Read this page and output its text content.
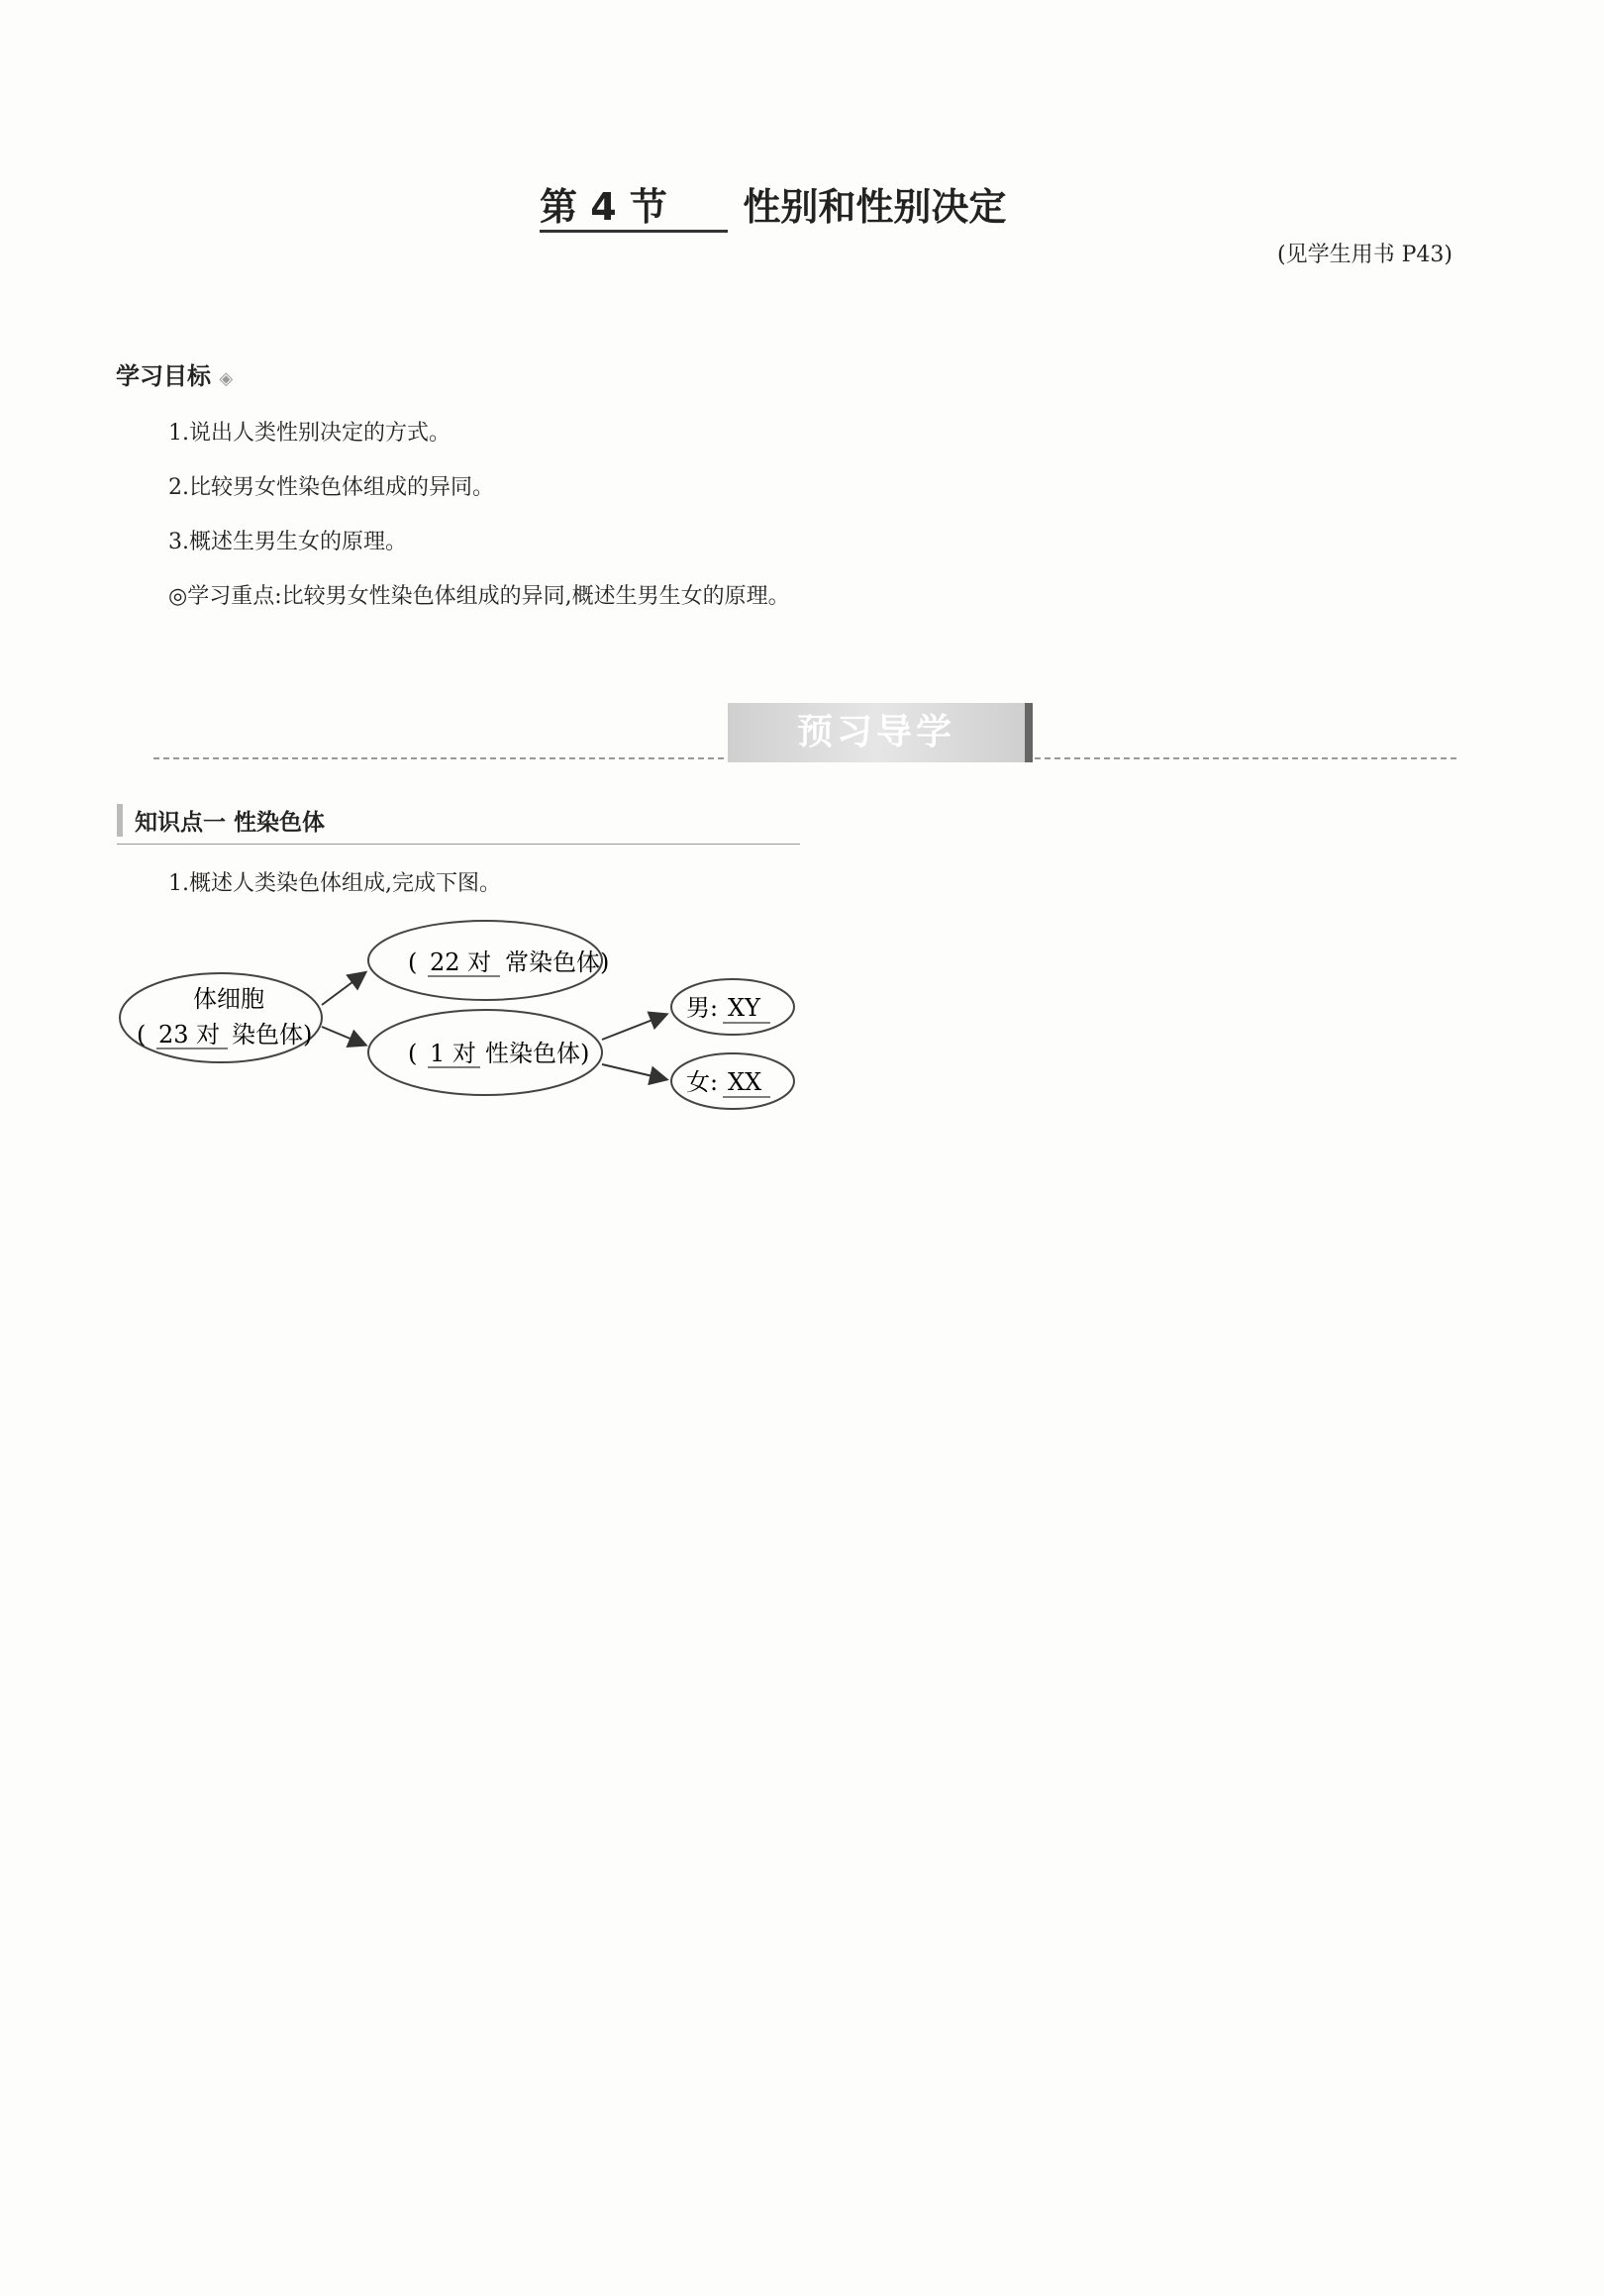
第 4 节 性别和性别决定
(见学生用书 P43)
学习目标 ◈
1.说出人类性别决定的方式。
2.比较男女性染色体组成的异同。
3.概述生男生女的原理。
◎学习重点:比较男女性染色体组成的异同,概述生男生女的原理。
预习导学
知识点一 性染色体
1.概述人类染色体组成,完成下图。
体细胞
( 23 对 染色体)
( 22 对 常染色体)
( 1 对 性染色体)
男: XY
女: XX
